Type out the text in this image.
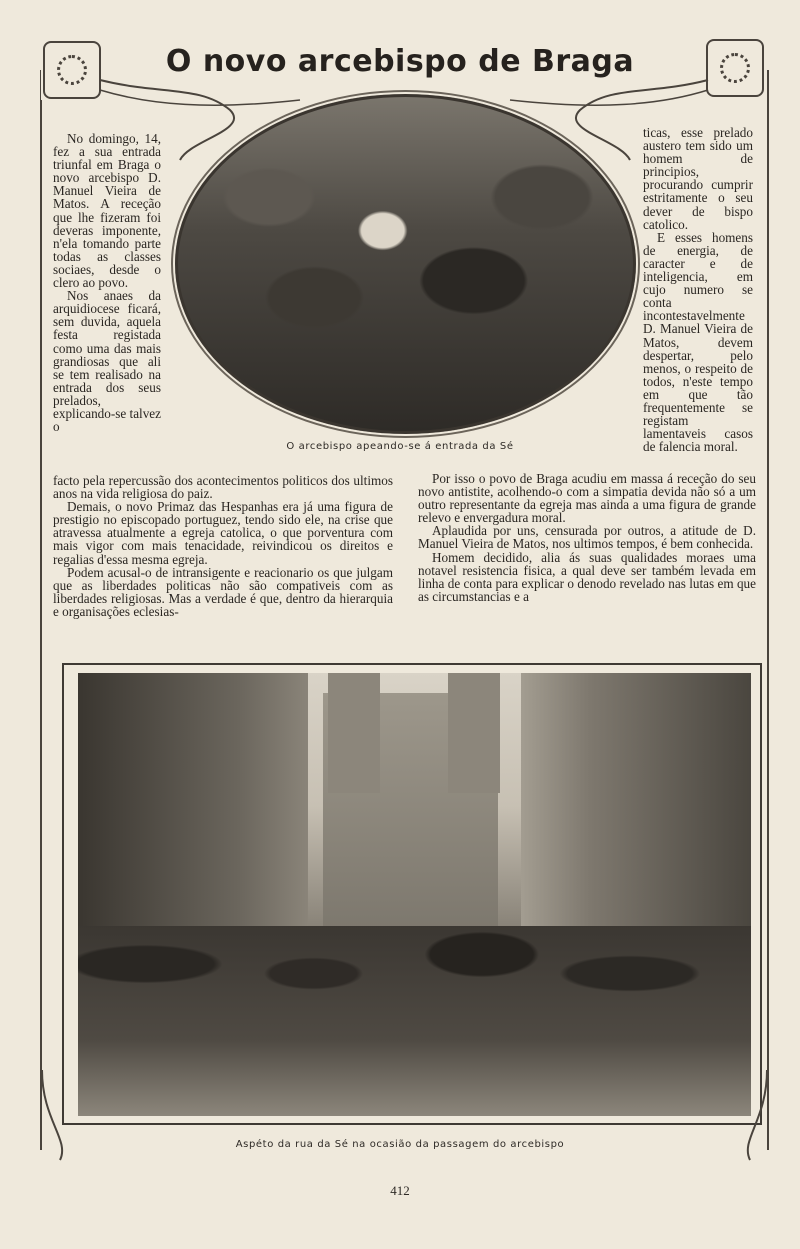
O novo arcebispo de Braga
O arcebispo apeando-se á entrada da Sé

No domingo, 14, fez a sua entrada triunfal em Braga o novo arcebispo D. Manuel Vieira de Matos. A receção que lhe fizeram foi deveras imponente, n'ela tomando parte todas as classes sociaes, desde o clero ao povo.

Nos anaes da arquidiocese ficará, sem duvida, aquela festa registada como uma das mais grandiosas que ali se tem realisado na entrada dos seus prelados, explicando-se talvez o

ticas, esse prelado austero tem sido um homem de principios, procurando cumprir estritamente o seu dever de bispo catolico.

E esses homens de energia, de caracter e de inteligencia, em cujo numero se conta incontestavelmente D. Manuel Vieira de Matos, devem despertar, pelo menos, o respeito de todos, n'este tempo em que tão frequentemente se registam lamentaveis casos de falencia moral.

facto pela repercussão dos acontecimentos politicos dos ultimos anos na vida religiosa do paiz.

Demais, o novo Primaz das Hespanhas era já uma figura de prestigio no episcopado portuguez, tendo sido ele, na crise que atravessa atualmente a egreja catolica, o que porventura com mais vigor com mais tenacidade, reivindicou os direitos e regalias d'essa mesma egreja.

Podem acusal-o de intransigente e reacionario os que julgam que as liberdades politicas não são compativeis com as liberdades religiosas. Mas a verdade é que, dentro da hierarquia e organisações eclesias-

Por isso o povo de Braga acudiu em massa á receção do seu novo antistite, acolhendo-o com a simpatia devida não só a um outro representante da egreja mas ainda a uma figura de grande relevo e envergadura moral.

Aplaudida por uns, censurada por outros, a atitude de D. Manuel Vieira de Matos, nos ultimos tempos, é bem conhecida.

Homem decidido, alia ás suas qualidades moraes uma notavel resistencia fisica, a qual deve ser também levada em linha de conta para explicar o denodo revelado nas lutas em que as circumstancias e a

Aspéto da rua da Sé na ocasião da passagem do arcebispo
412
